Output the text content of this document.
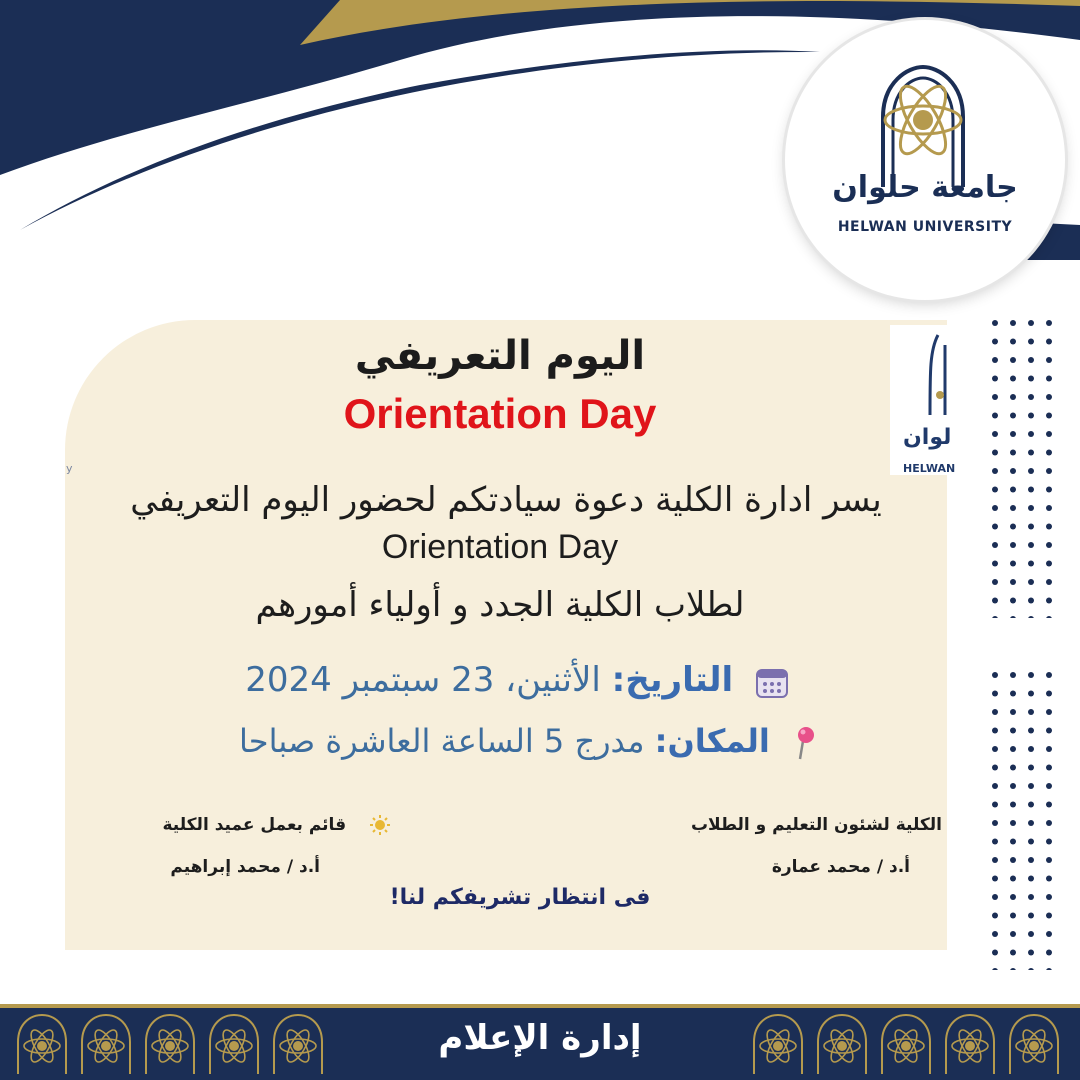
جامعة حلوان
HELWAN UNIVERSITY
لوان
HELWAN
y
اليوم التعريفي
Orientation Day
يسر ادارة الكلية دعوة سيادتكم لحضور اليوم التعريفي
Orientation Day
لطلاب الكلية الجدد و أولياء أمورهم
التاريخ: الأثنين، 23 سبتمبر 2024
المكان: مدرج 5 الساعة العاشرة صباحا
قائم بعمل عميد الكلية
أ.د / محمد إبراهيم
الكلية لشئون التعليم و الطلاب
أ.د / محمد عمارة
فى انتظار تشريفكم لنا!
إدارة الإعلام
